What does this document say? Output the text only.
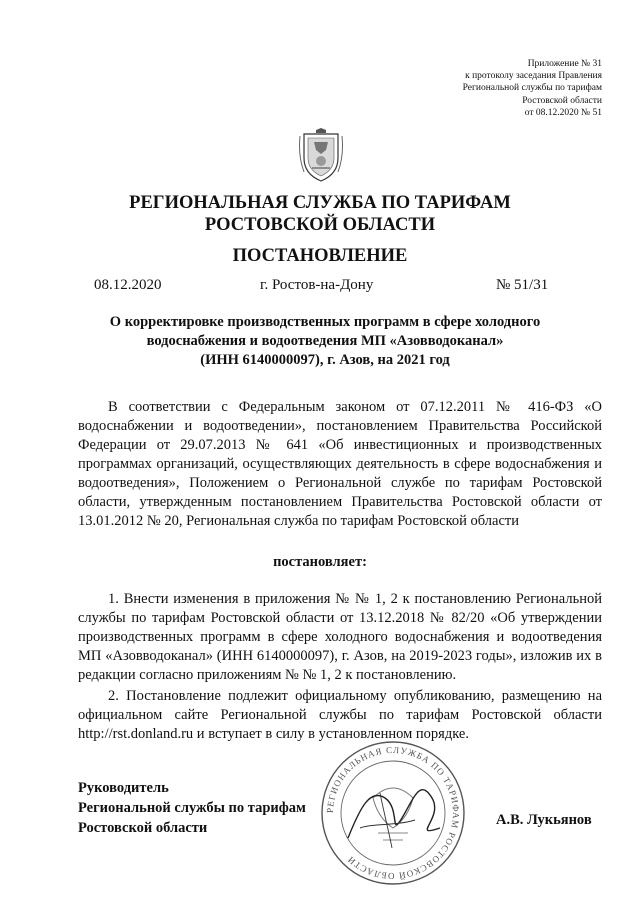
Приложение № 31
к протоколу заседания Правления
Региональной службы по тарифам
Ростовской области
от 08.12.2020 № 51
РЕГИОНАЛЬНАЯ СЛУЖБА ПО ТАРИФАМ
РОСТОВСКОЙ ОБЛАСТИ
ПОСТАНОВЛЕНИЕ
08.12.2020	г. Ростов-на-Дону	№ 51/31
О корректировке производственных программ в сфере холодного
водоснабжения и водоотведения МП «Азовводоканал»
(ИНН 6140000097), г. Азов, на 2021 год
В соответствии с Федеральным законом от 07.12.2011 № 416-ФЗ «О водоснабжении и водоотведении», постановлением Правительства Российской Федерации от 29.07.2013 № 641 «Об инвестиционных и производственных программах организаций, осуществляющих деятельность в сфере водоснабжения и водоотведения», Положением о Региональной службе по тарифам Ростовской области, утвержденным постановлением Правительства Ростовской области от 13.01.2012 № 20, Региональная служба по тарифам Ростовской области
постановляет:
1. Внести изменения в приложения № № 1, 2 к постановлению Региональной службы по тарифам Ростовской области от 13.12.2018 № 82/20 «Об утверждении производственных программ в сфере холодного водоснабжения и водоотведения МП «Азовводоканал» (ИНН 6140000097), г. Азов, на 2019-2023 годы», изложив их в редакции согласно приложениям № № 1, 2 к постановлению.
2. Постановление подлежит официальному опубликованию, размещению на официальном сайте Региональной службы по тарифам Ростовской области http://rst.donland.ru и вступает в силу в установленном порядке.
Руководитель
Региональной службы по тарифам
Ростовской области
РЕГИОНАЛЬНАЯ СЛУЖБА ПО ТАРИФАМ РОСТОВСКОЙ ОБЛАСТИ
А.В. Лукьянов
